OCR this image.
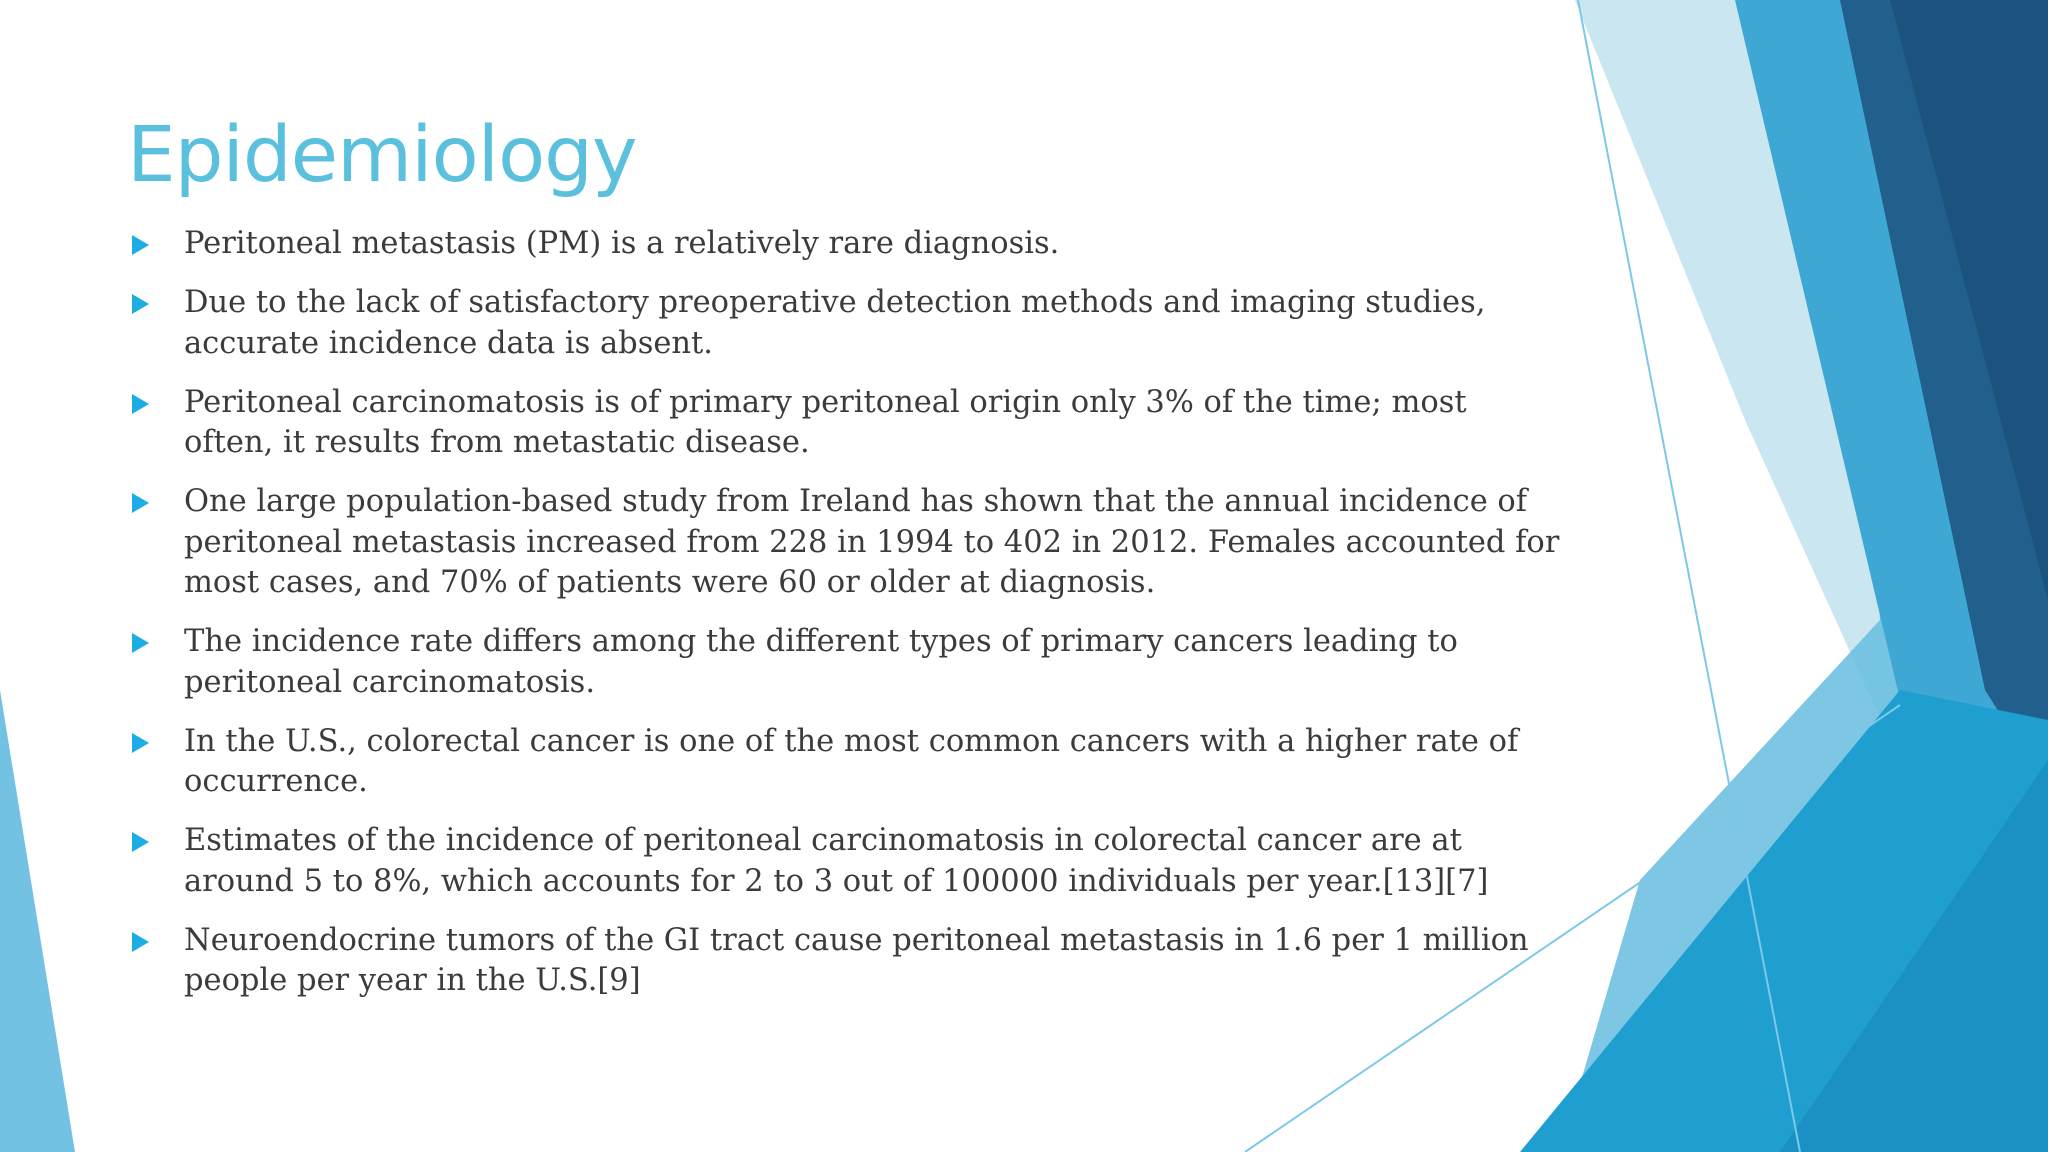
Epidemiology
Peritoneal metastasis (PM) is a relatively rare diagnosis.
Due to the lack of satisfactory preoperative detection methods and imaging studies, accurate incidence data is absent.
Peritoneal carcinomatosis is of primary peritoneal origin only 3% of the time; most often, it results from metastatic disease.
One large population-based study from Ireland has shown that the annual incidence of peritoneal metastasis increased from 228 in 1994 to 402 in 2012. Females accounted for most cases, and 70% of patients were 60 or older at diagnosis.
The incidence rate differs among the different types of primary cancers leading to peritoneal carcinomatosis.
In the U.S., colorectal cancer is one of the most common cancers with a higher rate of occurrence.
Estimates of the incidence of peritoneal carcinomatosis in colorectal cancer are at around 5 to 8%, which accounts for 2 to 3 out of 100000 individuals per year.[13][7]
Neuroendocrine tumors of the GI tract cause peritoneal metastasis in 1.6 per 1 million people per year in the U.S.[9]
